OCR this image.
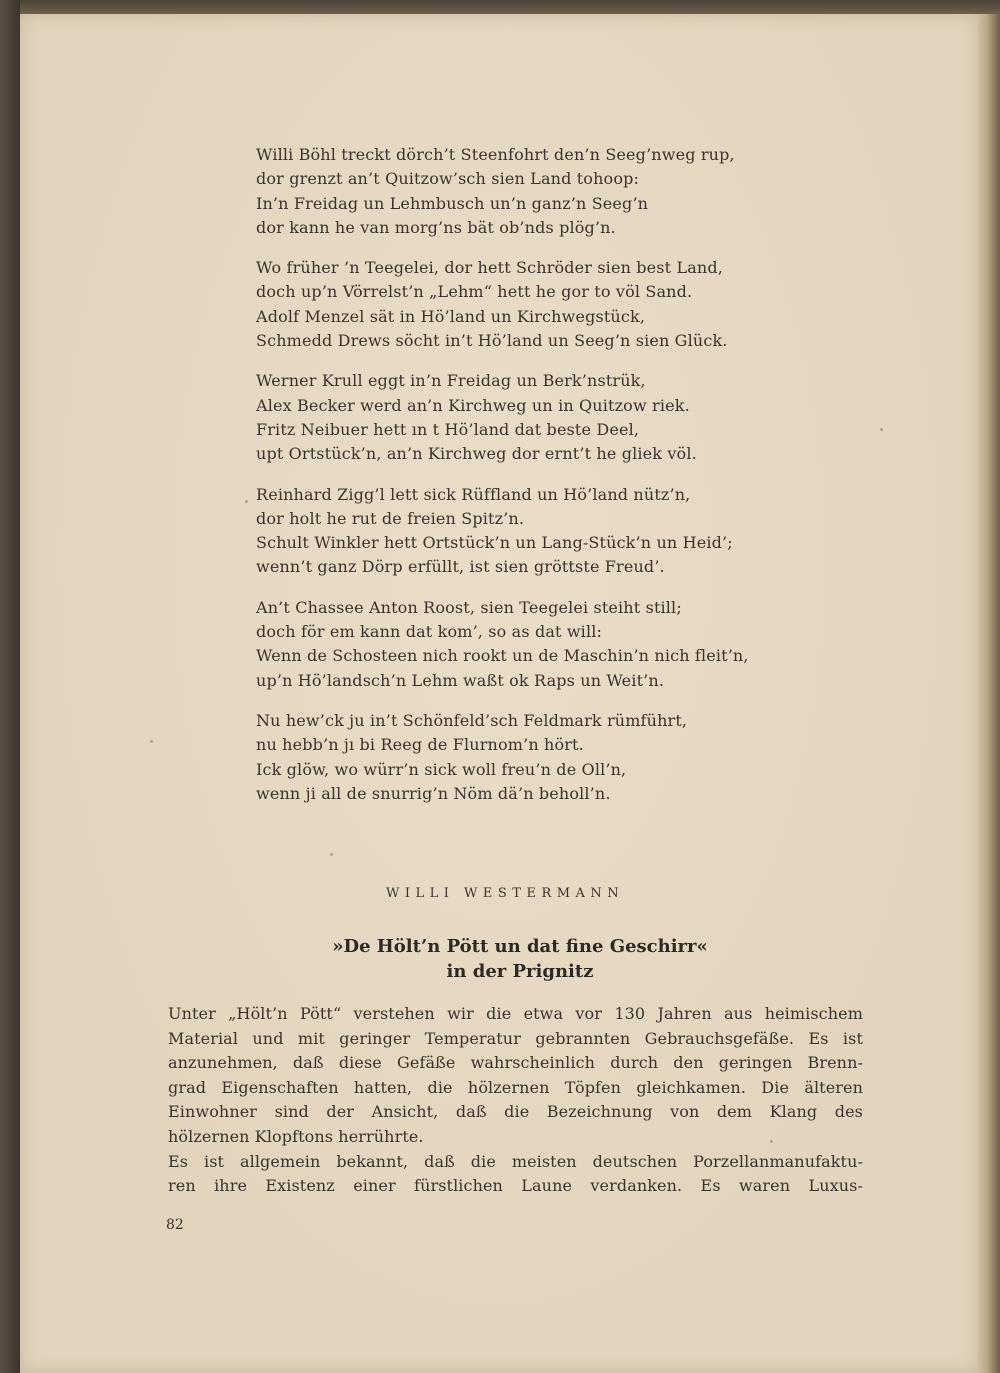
Willi Böhl treckt dörch’t Steenfohrt den’n Seeg’nweg rup,
dor grenzt an’t Quitzow’sch sien Land tohoop:
In’n Freidag un Lehmbusch un’n ganz’n Seeg’n
dor kann he van morg’ns bät ob’nds plög’n.
Wo früher ’n Teegelei, dor hett Schröder sien best Land,
doch up’n Vörrelst’n „Lehm“ hett he gor to völ Sand.
Adolf Menzel sät in Hö’land un Kirchwegstück,
Schmedd Drews söcht in’t Hö’land un Seeg’n sien Glück.
Werner Krull eggt in’n Freidag un Berk’nstrük,
Alex Becker werd an’n Kirchweg un in Quitzow riek.
Fritz Neibuer hett ın t Hö’land dat beste Deel,
upt Ortstück’n, an’n Kirchweg dor ernt’t he gliek völ.
Reinhard Zigg’l lett sick Rüffland un Hö’land nütz’n,
dor holt he rut de freien Spitz’n.
Schult Winkler hett Ortstück’n un Lang-Stück’n un Heid’;
wenn’t ganz Dörp erfüllt, ist sien gröttste Freud’.
An’t Chassee Anton Roost, sien Teegelei steiht still;
doch för em kann dat kom’, so as dat will:
Wenn de Schosteen nich rookt un de Maschin’n nich fleit’n,
up’n Hö’landsch’n Lehm waßt ok Raps un Weit’n.
Nu hew’ck ju in’t Schönfeld’sch Feldmark rümführt,
nu hebb’n jı bi Reeg de Flurnom’n hört.
Ick glöw, wo würr’n sick woll freu’n de Oll’n,
wenn ji all de snurrig’n Nöm dä’n beholl’n.
WILLI WESTERMANN
»De Hölt’n Pött un dat fine Geschirr«
in der Prignitz
Unter „Hölt’n Pött“ verstehen wir die etwa vor 130 Jahren aus heimischem
Material und mit geringer Temperatur gebrannten Gebrauchsgefäße. Es ist
anzunehmen, daß diese Gefäße wahrscheinlich durch den geringen Brenn-
grad Eigenschaften hatten, die hölzernen Töpfen gleichkamen. Die älteren
Einwohner sind der Ansicht, daß die Bezeichnung von dem Klang des
hölzernen Klopftons herrührte.
Es ist allgemein bekannt, daß die meisten deutschen Porzellanmanufaktu-
ren ihre Existenz einer fürstlichen Laune verdanken. Es waren Luxus-
82
